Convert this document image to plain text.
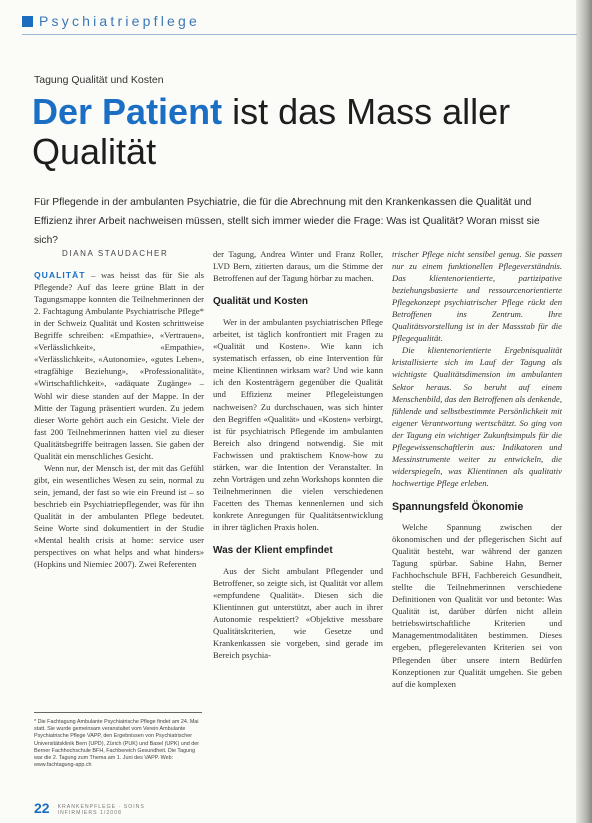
Psychiatriepflege
Tagung Qualität und Kosten
Der Patient ist das Mass aller Qualität
Für Pflegende in der ambulanten Psychiatrie, die für die Abrechnung mit den Krankenkassen die Qualität und Effizienz ihrer Arbeit nachweisen müssen, stellt sich immer wieder die Frage: Was ist Qualität? Woran misst sie sich?
DIANA STAUDACHER

QUALITÄT – was heisst das für Sie als Pflegende? Auf das leere grüne Blatt in der Tagungsmappe konnten die Teilnehmerinnen der 2. Fachtagung Ambulante Psychiatrische Pflege* in der Schweiz Qualität und Kosten schrittweise Begriffe schreiben: «Empathie», «Vertrauen», «Verlässlichkeit», «Empathie», «Verlässlichkeit», «Autonomie», «gutes Leben», «tragfähige Beziehung», «Professionalität», «Wirtschaftlichkeit», «adäquate Zugänge» – Wohl wir diese standen auf der Mappe. In der Mitte der Tagung präsentiert wurden. Zu jedem dieser Worte gehört auch ein Gesicht. Viele der fast 200 Teilnehmerinnen hatten viel zu dieser Qualitätsbegriffe beitragen lassen. Sie gaben der Qualität ein menschliches Gesicht.

Wenn nur, der Mensch ist, der mit das Gefühl gibt, ein wesentliches Wesen zu sein, normal zu sein, jemand, der fast so wie ein Freund ist – so beschrieb ein Psychiatriepflegender, was für ihn Qualität in der ambulanten Pflege bedeutet. Seine Worte sind dokumentiert in der Studie «Mental health crisis at home: service user perspectives on what helps and what hinders» (Hopkins und Niemiec 2007). Zwei Referenten

der Tagung, Andrea Winter und Franz Roller, LVD Bern, zitierten daraus, um die Stimme der Betroffenen auf der Tagung hörbar zu machen.

Qualität und Kosten

Wer in der ambulanten psychiatrischen Pflege arbeitet, ist täglich konfrontiert mit Fragen zu «Qualität und Kosten». Wie kann ich systematisch erfassen, ob eine Intervention für meine Klientinnen wirksam war? Und wie kann ich den Kostenträgern gegenüber die Qualität und Effizienz meiner Pflegeleistungen nachweisen? Zu durchschauen, was sich hinter den Begriffen «Qualität» und «Kosten» verbirgt, ist für psychiatrisch Pflegende im ambulanten Bereich also dringend notwendig. Sie mit Fachwissen und praktischem Know-how zu stärken, war die Intention der Veranstalter. In zehn Vorträgen und zehn Workshops konnten die Teilnehmerinnen die vielen verschiedenen Facetten des Themas kennenlernen und sich konkrete Anregungen für Qualitätsentwicklung in ihrer täglichen Praxis holen.

Was der Klient empfindet

Aus der Sicht ambulant Pflegender und Betroffener, so zeigte sich, ist Qualität vor allem «empfundene Qualität». Diesen sich die Klientinnen gut unterstützt, aber auch in ihrer Autonomie respektiert? «Objektive messbare Qualitätskriterien, wie Gesetze und Krankenkassen sie vorgeben, sind gerade im Bereich psychia-

trischer Pflege nicht sensibel genug. Sie passen nur zu einem funktionellen Pflegeverständnis. Das klientenorientierte, partizipative beziehungsbasierte und ressourcenorientierte Pflegekonzept psychiatrischer Pflege rückt den Betroffenen ins Zentrum. Ihre Qualitätsvorstellung ist in der Massstab für die Pflegequalität.

Die klientenorientierte Ergebnisqualität kristallisierte sich im Lauf der Tagung als wichtigste Qualitätsdimension im ambulanten Sektor heraus. So beruht auf einem Menschenbild, das den Betroffenen als denkende, fühlende und selbstbestimmte Persönlichkeit mit eigener Verantwortung wertschätzt. So ging von der Tagung ein wichtiger Zukunftsimpuls für die Pflegewissenschaftlerin aus: Indikatoren und Messinstrumente weiter zu entwickeln, die widerspiegeln, was Klientinnen als qualitativ hochwertige Pflege erleben.

Spannungsfeld Ökonomie

Welche Spannung zwischen der ökonomischen und der pflegerischen Sicht auf Qualität besteht, war während der ganzen Tagung spürbar. Sabine Hahn, Berner Fachhochschule BFH, Fachbereich Gesundheit, stellte die Teilnehmerinnen verschiedene Definitionen von Qualität vor und betonte: Was Qualität ist, darüber dürfen nicht allein betriebswirtschaftliche Kriterien und Managementmodalitäten bestimmen. Dieses ergeben, pflegerelevanten Kriterien sei von Pflegenden über unsere intern Bedürfen Konzeptionen zur Qualität umgehen. Sie geben auf die komplexen

* Die Fachtagung Ambulante Psychiatrische Pflege findet am 24. Mai statt. Sie wurde gemeinsam veranstaltet vom Verein Ambulante Psychiatrische Pflege VAPP, den Ergebnissen von Psychiatrischer Universitätsklinik Bern (UPD), Zürich (PUK) und Basel (UPK) und der Berner Fachhochschule BFH, Fachbereich Gesundheit. Die Tagung war die 2. Tagung zum Thema am 1. Juni des VAPP. Web: www.fachtagung-app.ch
22 KRANKENPFLEGE · SOINS
INFIRMIERS 1/2008
